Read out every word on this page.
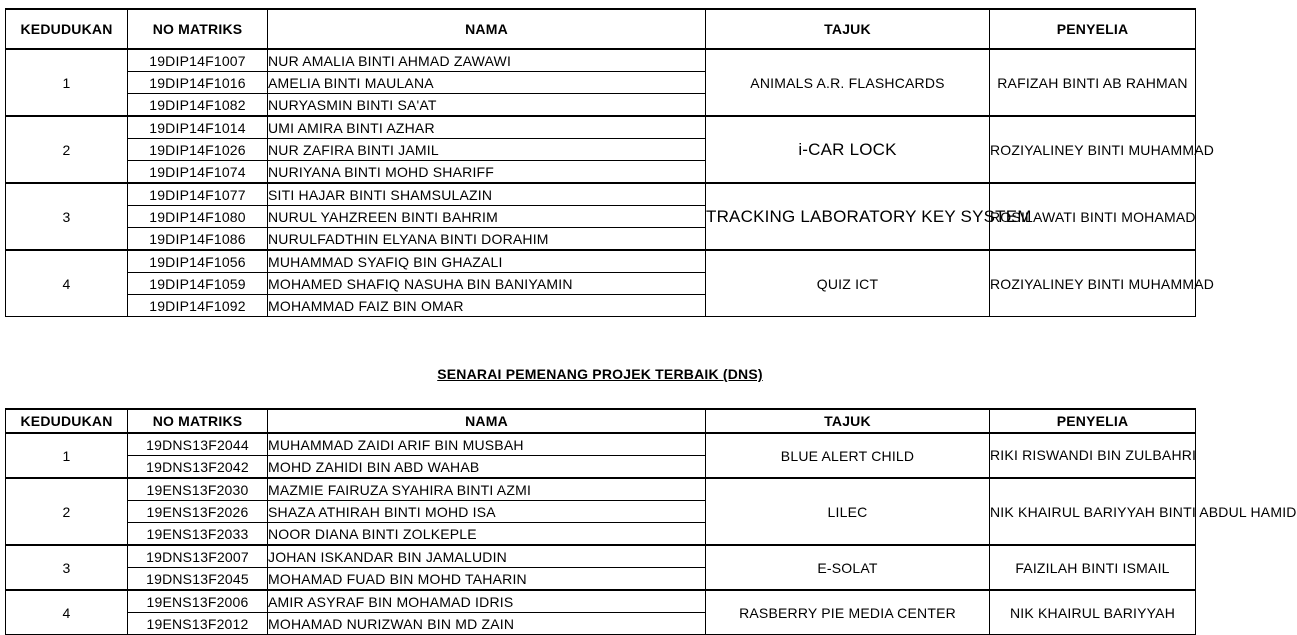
KEDUDUKAN	NO MATRIKS	NAMA	TAJUK	PENYELIA
1	19DIP14F1007	NUR AMALIA BINTI AHMAD ZAWAWI	ANIMALS A.R. FLASHCARDS	RAFIZAH BINTI AB RAHMAN
	19DIP14F1016	AMELIA BINTI MAULANA		
	19DIP14F1082	NURYASMIN BINTI SA'AT		
2	19DIP14F1014	UMI AMIRA BINTI AZHAR	i-CAR LOCK	ROZIYALINEY BINTI MUHAMMAD
	19DIP14F1026	NUR ZAFIRA BINTI JAMIL		
	19DIP14F1074	NURIYANA BINTI MOHD SHARIFF		
3	19DIP14F1077	SITI HAJAR BINTI SHAMSULAZIN	TRACKING LABORATORY KEY SYSTEM	ROSILAWATI BINTI MOHAMAD
	19DIP14F1080	NURUL YAHZREEN BINTI BAHRIM		
	19DIP14F1086	NURULFADTHIN ELYANA BINTI DORAHIM		
4	19DIP14F1056	MUHAMMAD SYAFIQ BIN GHAZALI	QUIZ ICT	ROZIYALINEY BINTI MUHAMMAD
	19DIP14F1059	MOHAMED SHAFIQ NASUHA BIN BANIYAMIN		
	19DIP14F1092	MOHAMMAD FAIZ BIN OMAR		
SENARAI PEMENANG PROJEK TERBAIK (DNS)
KEDUDUKAN	NO MATRIKS	NAMA	TAJUK	PENYELIA
1	19DNS13F2044	MUHAMMAD ZAIDI ARIF BIN MUSBAH	BLUE ALERT CHILD	RIKI RISWANDI BIN ZULBAHRI
	19DNS13F2042	MOHD ZAHIDI BIN ABD WAHAB		
2	19ENS13F2030	MAZMIE FAIRUZA SYAHIRA BINTI AZMI	LILEC	NIK KHAIRUL BARIYYAH BINTI ABDUL HAMID
	19ENS13F2026	SHAZA ATHIRAH BINTI MOHD ISA		
	19ENS13F2033	NOOR DIANA BINTI ZOLKEPLE		
3	19DNS13F2007	JOHAN ISKANDAR BIN JAMALUDIN	E-SOLAT	FAIZILAH BINTI ISMAIL
	19DNS13F2045	MOHAMAD FUAD BIN MOHD TAHARIN		
4	19ENS13F2006	AMIR ASYRAF BIN MOHAMAD IDRIS	RASBERRY PIE MEDIA CENTER	NIK KHAIRUL BARIYYAH
	19ENS13F2012	MOHAMAD NURIZWAN BIN MD ZAIN		
